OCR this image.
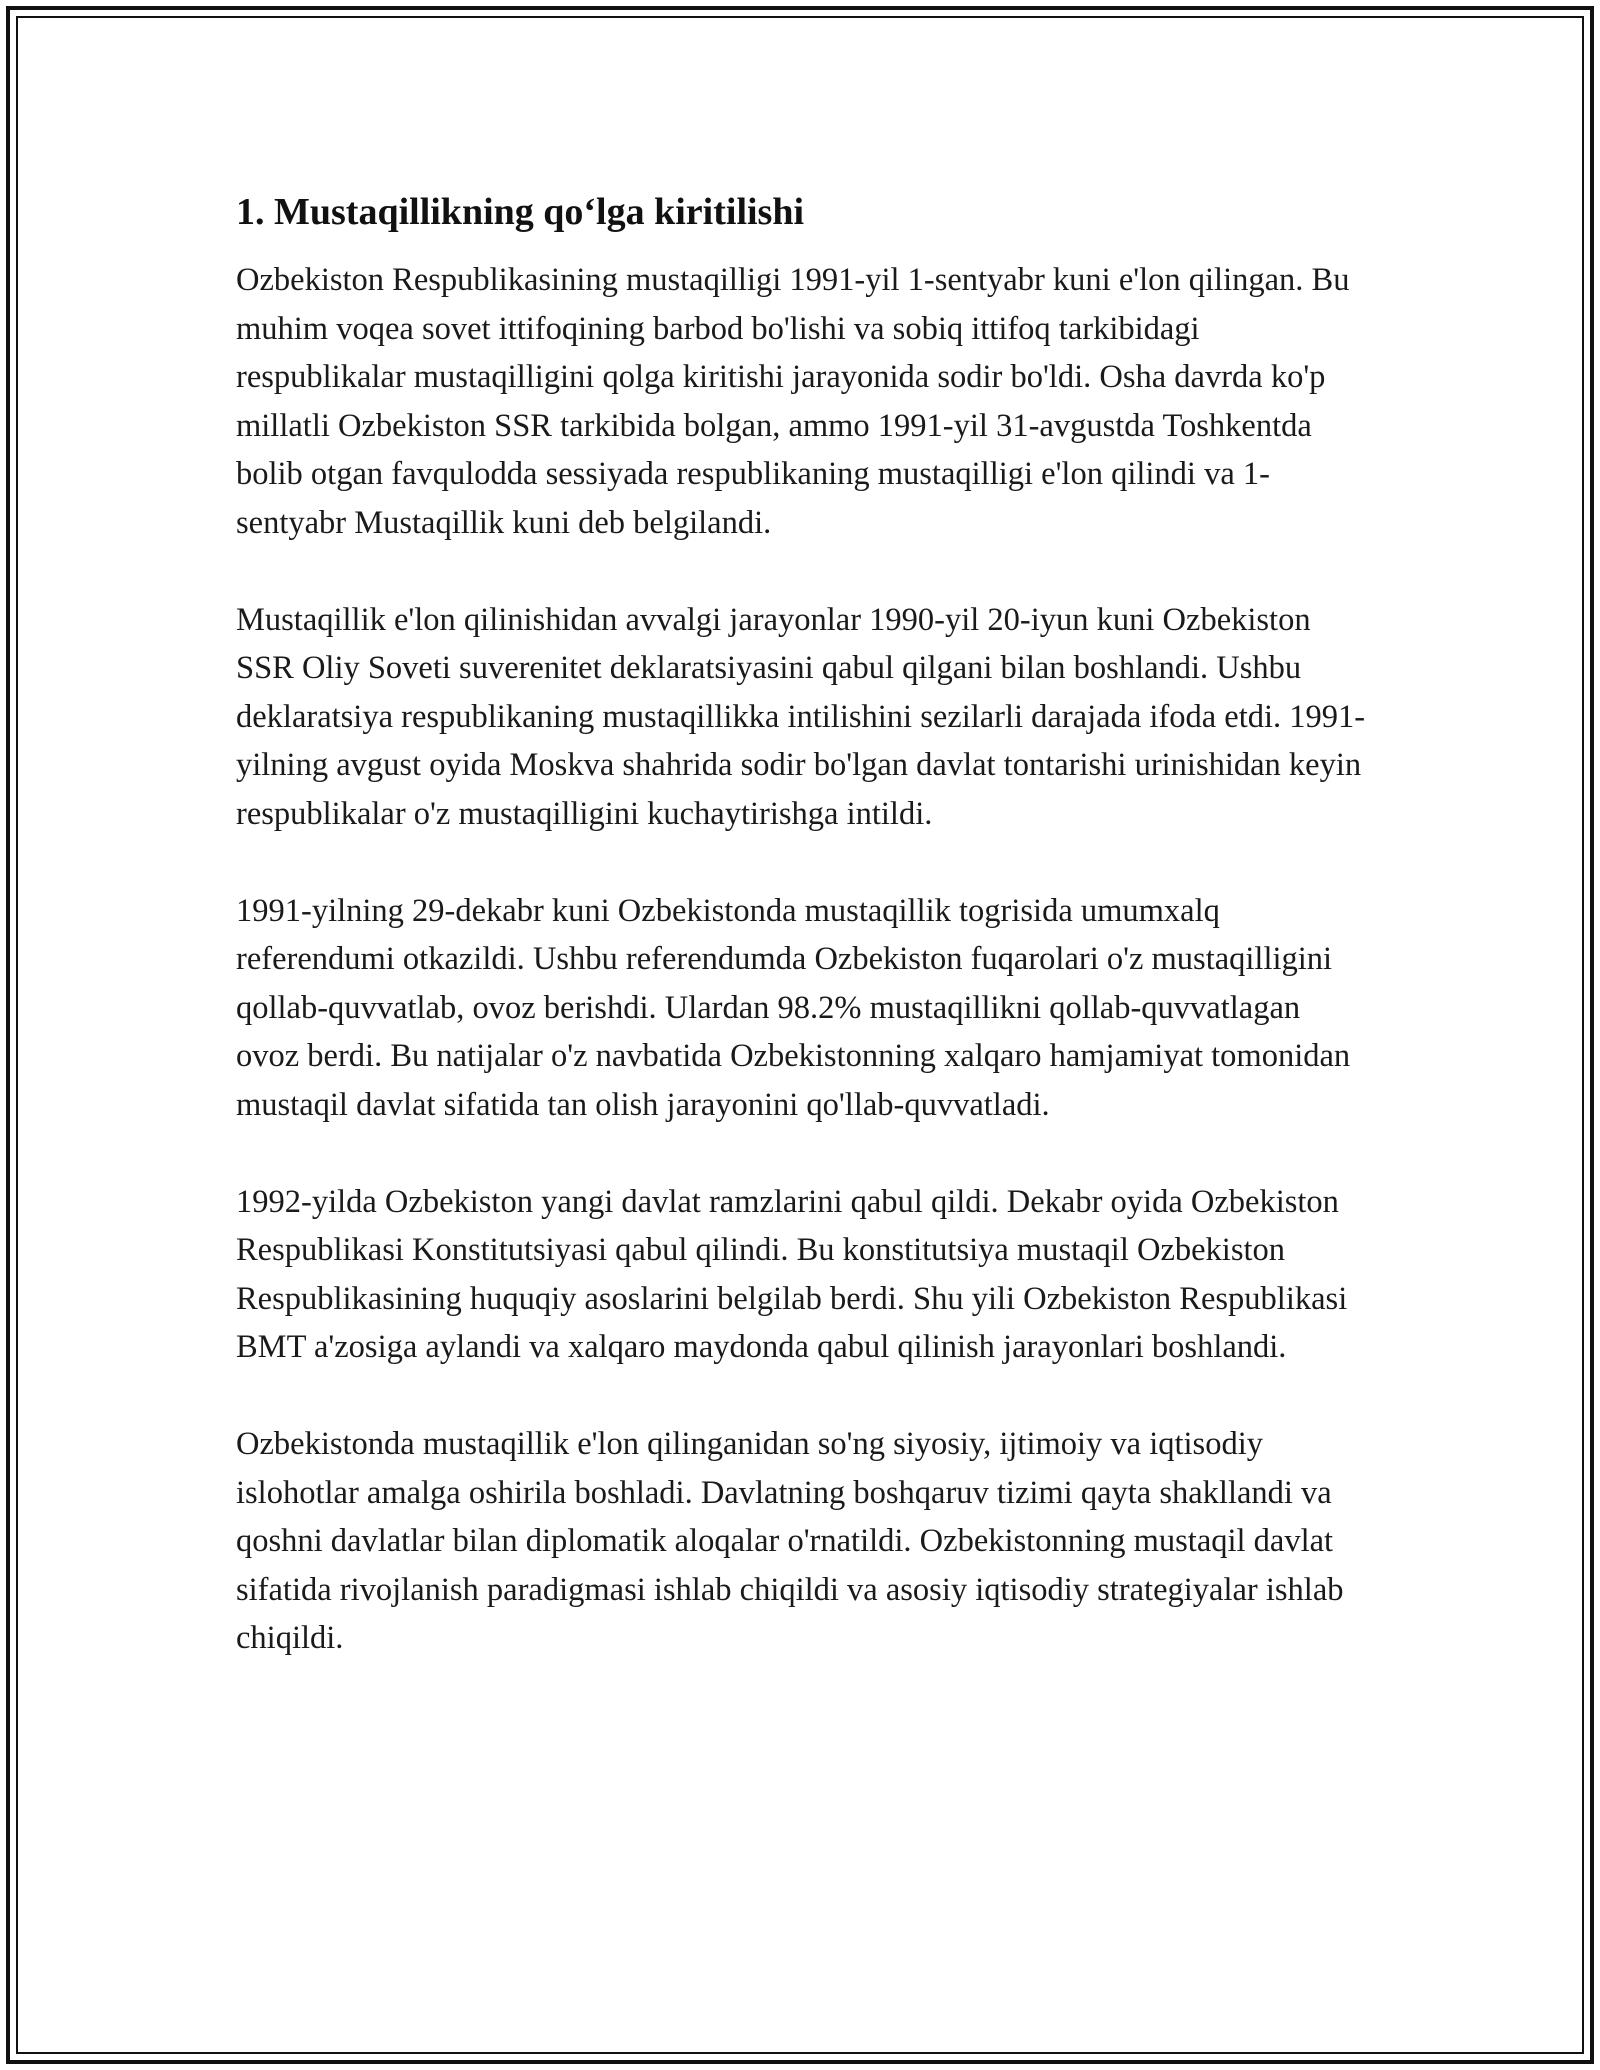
1. Mustaqillikning qo‘lga kiritilishi

Ozbekiston Respublikasining mustaqilligi 1991-yil 1-sentyabr kuni e'lon qilingan. Bu muhim voqea sovet ittifoqining barbod bo'lishi va sobiq ittifoq tarkibidagi respublikalar mustaqilligini qolga kiritishi jarayonida sodir bo'ldi. Osha davrda ko'p millatli Ozbekiston SSR tarkibida bolgan, ammo 1991-yil 31-avgustda Toshkentda bolib otgan favqulodda sessiyada respublikaning mustaqilligi e'lon qilindi va 1-sentyabr Mustaqillik kuni deb belgilandi.

Mustaqillik e'lon qilinishidan avvalgi jarayonlar 1990-yil 20-iyun kuni Ozbekiston SSR Oliy Soveti suverenitet deklaratsiyasini qabul qilgani bilan boshlandi. Ushbu deklaratsiya respublikaning mustaqillikka intilishini sezilarli darajada ifoda etdi. 1991-yilning avgust oyida Moskva shahrida sodir bo'lgan davlat tontarishi urinishidan keyin respublikalar o'z mustaqilligini kuchaytirishga intildi.

1991-yilning 29-dekabr kuni Ozbekistonda mustaqillik togrisida umumxalq referendumi otkazildi. Ushbu referendumda Ozbekiston fuqarolari o'z mustaqilligini qollab-quvvatlab, ovoz berishdi. Ulardan 98.2% mustaqillikni qollab-quvvatlagan ovoz berdi. Bu natijalar o'z navbatida Ozbekistonning xalqaro hamjamiyat tomonidan mustaqil davlat sifatida tan olish jarayonini qo'llab-quvvatladi.

1992-yilda Ozbekiston yangi davlat ramzlarini qabul qildi. Dekabr oyida Ozbekiston Respublikasi Konstitutsiyasi qabul qilindi. Bu konstitutsiya mustaqil Ozbekiston Respublikasining huquqiy asoslarini belgilab berdi. Shu yili Ozbekiston Respublikasi BMT a'zosiga aylandi va xalqaro maydonda qabul qilinish jarayonlari boshlandi.

Ozbekistonda mustaqillik e'lon qilinganidan so'ng siyosiy, ijtimoiy va iqtisodiy islohotlar amalga oshirila boshladi. Davlatning boshqaruv tizimi qayta shakllandi va qoshni davlatlar bilan diplomatik aloqalar o'rnatildi. Ozbekistonning mustaqil davlat sifatida rivojlanish paradigmasi ishlab chiqildi va asosiy iqtisodiy strategiyalar ishlab chiqildi.
